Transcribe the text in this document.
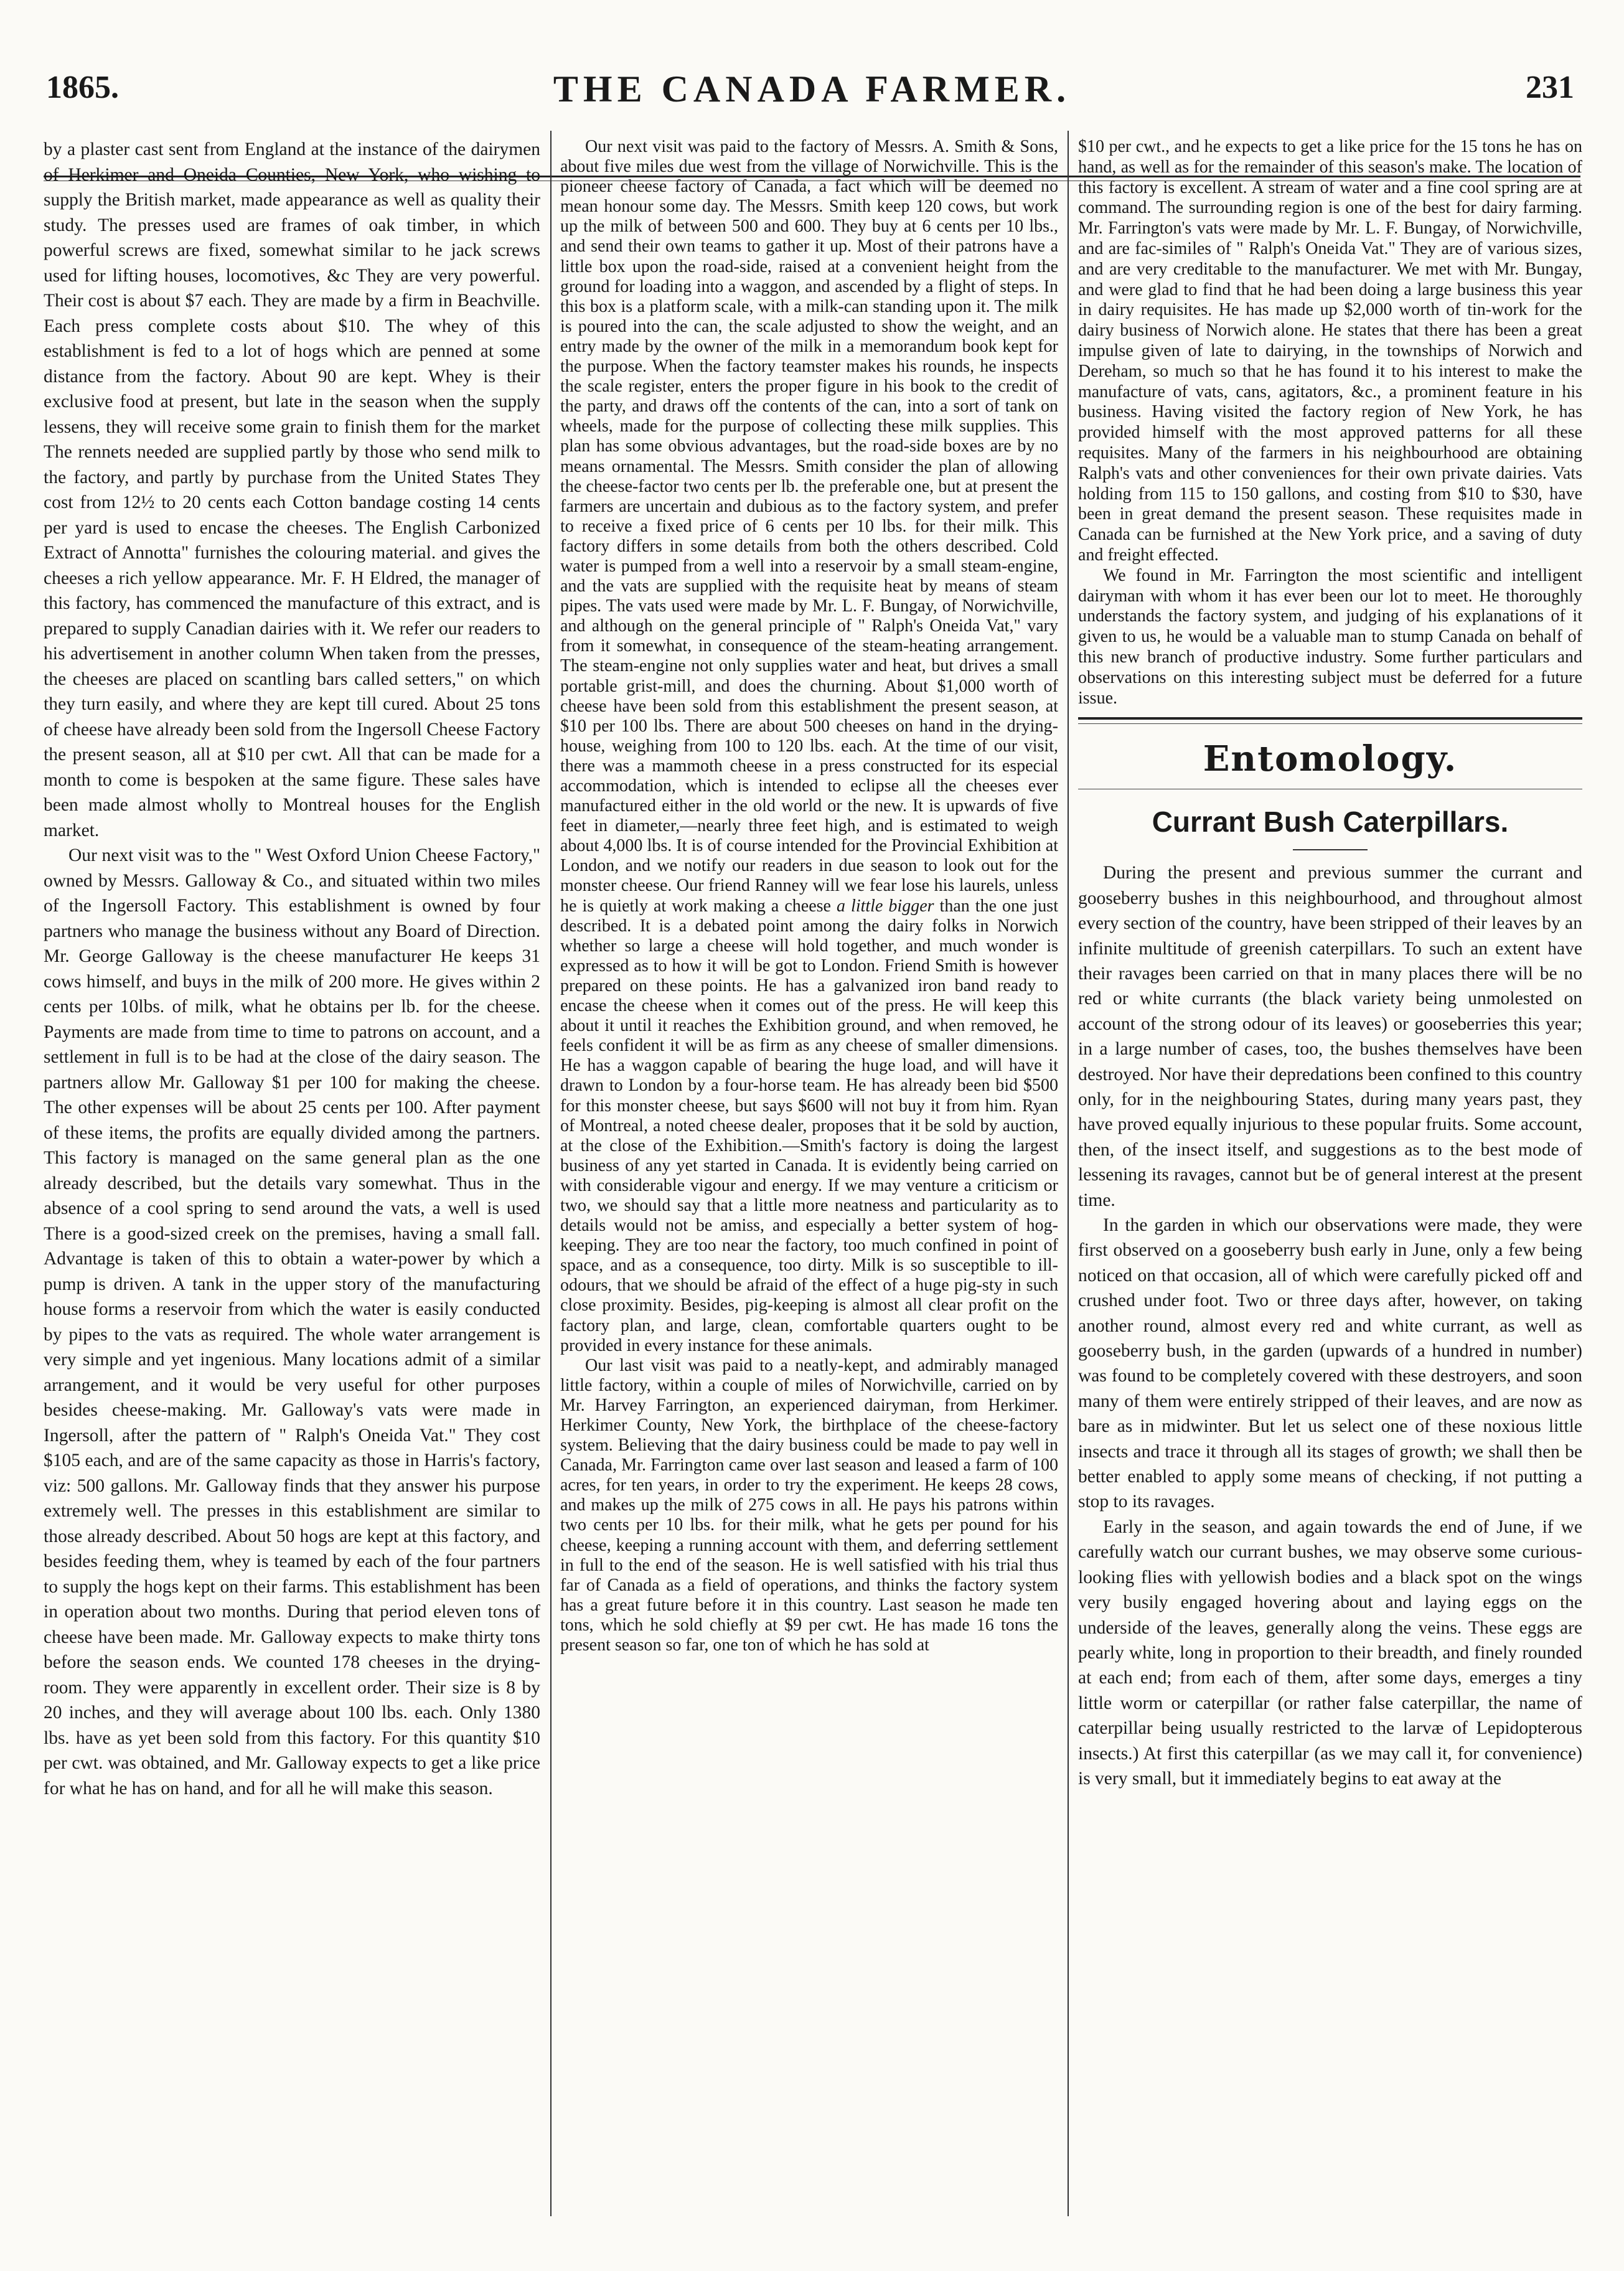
1865.	THE CANADA FARMER.	231

by a plaster cast sent from England at the instance of the dairymen of Herkimer and Oneida Counties, New York, who wishing to supply the British market, made appearance as well as quality their study. The presses used are frames of oak timber, in which powerful screws are fixed, somewhat similar to he jack screws used for lifting houses, locomotives, &c They are very powerful. Their cost is about $7 each. They are made by a firm in Beachville. Each press complete costs about $10. The whey of this establishment is fed to a lot of hogs which are penned at some distance from the factory. About 90 are kept. Whey is their exclusive food at present, but late in the season when the supply lessens, they will receive some grain to finish them for the market The rennets needed are supplied partly by those who send milk to the factory, and partly by purchase from the United States They cost from 12½ to 20 cents each Cotton bandage costing 14 cents per yard is used to encase the cheeses. The English Carbonized Extract of Annotta" furnishes the colouring material. and gives the cheeses a rich yellow appearance. Mr. F. H Eldred, the manager of this factory, has commenced the manufacture of this extract, and is prepared to supply Canadian dairies with it. We refer our readers to his advertisement in another column When taken from the presses, the cheeses are placed on scantling bars called setters," on which they turn easily, and where they are kept till cured. About 25 tons of cheese have already been sold from the Ingersoll Cheese Factory the present season, all at $10 per cwt. All that can be made for a month to come is bespoken at the same figure. These sales have been made almost wholly to Montreal houses for the English market.

Our next visit was to the " West Oxford Union Cheese Factory," owned by Messrs. Galloway & Co., and situated within two miles of the Ingersoll Factory. This establishment is owned by four partners who manage the business without any Board of Direction. Mr. George Galloway is the cheese manufacturer He keeps 31 cows himself, and buys in the milk of 200 more. He gives within 2 cents per 10lbs. of milk, what he obtains per lb. for the cheese. Payments are made from time to time to patrons on account, and a settlement in full is to be had at the close of the dairy season. The partners allow Mr. Galloway $1 per 100 for making the cheese. The other expenses will be about 25 cents per 100. After payment of these items, the profits are equally divided among the partners. This factory is managed on the same general plan as the one already described, but the details vary somewhat. Thus in the absence of a cool spring to send around the vats, a well is used There is a good-sized creek on the premises, having a small fall. Advantage is taken of this to obtain a water-power by which a pump is driven. A tank in the upper story of the manufacturing house forms a reservoir from which the water is easily conducted by pipes to the vats as required. The whole water arrangement is very simple and yet ingenious. Many locations admit of a similar arrangement, and it would be very useful for other purposes besides cheese-making. Mr. Galloway's vats were made in Ingersoll, after the pattern of " Ralph's Oneida Vat." They cost $105 each, and are of the same capacity as those in Harris's factory, viz: 500 gallons. Mr. Galloway finds that they answer his purpose extremely well. The presses in this establishment are similar to those already described. About 50 hogs are kept at this factory, and besides feeding them, whey is teamed by each of the four partners to supply the hogs kept on their farms. This establishment has been in operation about two months. During that period eleven tons of cheese have been made. Mr. Galloway expects to make thirty tons before the season ends. We counted 178 cheeses in the drying-room. They were apparently in excellent order. Their size is 8 by 20 inches, and they will average about 100 lbs. each. Only 1380 lbs. have as yet been sold from this factory. For this quantity $10 per cwt. was obtained, and Mr. Galloway expects to get a like price for what he has on hand, and for all he will make this season.

Our next visit was paid to the factory of Messrs. A. Smith & Sons, about five miles due west from the village of Norwichville. This is the pioneer cheese factory of Canada, a fact which will be deemed no mean honour some day. The Messrs. Smith keep 120 cows, but work up the milk of between 500 and 600. They buy at 6 cents per 10 lbs., and send their own teams to gather it up. Most of their patrons have a little box upon the road-side, raised at a convenient height from the ground for loading into a waggon, and ascended by a flight of steps. In this box is a platform scale, with a milk-can standing upon it. The milk is poured into the can, the scale adjusted to show the weight, and an entry made by the owner of the milk in a memorandum book kept for the purpose. When the factory teamster makes his rounds, he inspects the scale register, enters the proper figure in his book to the credit of the party, and draws off the contents of the can, into a sort of tank on wheels, made for the purpose of collecting these milk supplies. This plan has some obvious advantages, but the road-side boxes are by no means ornamental. The Messrs. Smith consider the plan of allowing the cheese-factor two cents per lb. the preferable one, but at present the farmers are uncertain and dubious as to the factory system, and prefer to receive a fixed price of 6 cents per 10 lbs. for their milk. This factory differs in some details from both the others described. Cold water is pumped from a well into a reservoir by a small steam-engine, and the vats are supplied with the requisite heat by means of steam pipes. The vats used were made by Mr. L. F. Bungay, of Norwichville, and although on the general principle of " Ralph's Oneida Vat," vary from it somewhat, in consequence of the steam-heating arrangement. The steam-engine not only supplies water and heat, but drives a small portable grist-mill, and does the churning. About $1,000 worth of cheese have been sold from this establishment the present season, at $10 per 100 lbs. There are about 500 cheeses on hand in the drying-house, weighing from 100 to 120 lbs. each. At the time of our visit, there was a mammoth cheese in a press constructed for its especial accommodation, which is intended to eclipse all the cheeses ever manufactured either in the old world or the new. It is upwards of five feet in diameter,—nearly three feet high, and is estimated to weigh about 4,000 lbs. It is of course intended for the Provincial Exhibition at London, and we notify our readers in due season to look out for the monster cheese. Our friend Ranney will we fear lose his laurels, unless he is quietly at work making a cheese a little bigger than the one just described. It is a debated point among the dairy folks in Norwich whether so large a cheese will hold together, and much wonder is expressed as to how it will be got to London. Friend Smith is however prepared on these points. He has a galvanized iron band ready to encase the cheese when it comes out of the press. He will keep this about it until it reaches the Exhibition ground, and when removed, he feels confident it will be as firm as any cheese of smaller dimensions. He has a waggon capable of bearing the huge load, and will have it drawn to London by a four-horse team. He has already been bid $500 for this monster cheese, but says $600 will not buy it from him. Ryan of Montreal, a noted cheese dealer, proposes that it be sold by auction, at the close of the Exhibition.—Smith's factory is doing the largest business of any yet started in Canada. It is evidently being carried on with considerable vigour and energy. If we may venture a criticism or two, we should say that a little more neatness and particularity as to details would not be amiss, and especially a better system of hog-keeping. They are too near the factory, too much confined in point of space, and as a consequence, too dirty. Milk is so susceptible to ill-odours, that we should be afraid of the effect of a huge pig-sty in such close proximity. Besides, pig-keeping is almost all clear profit on the factory plan, and large, clean, comfortable quarters ought to be provided in every instance for these animals.

Our last visit was paid to a neatly-kept, and admirably managed little factory, within a couple of miles of Norwichville, carried on by Mr. Harvey Farrington, an experienced dairyman, from Herkimer. Herkimer County, New York, the birthplace of the cheese-factory system. Believing that the dairy business could be made to pay well in Canada, Mr. Farrington came over last season and leased a farm of 100 acres, for ten years, in order to try the experiment. He keeps 28 cows, and makes up the milk of 275 cows in all. He pays his patrons within two cents per 10 lbs. for their milk, what he gets per pound for his cheese, keeping a running account with them, and deferring settlement in full to the end of the season. He is well satisfied with his trial thus far of Canada as a field of operations, and thinks the factory system has a great future before it in this country. Last season he made ten tons, which he sold chiefly at $9 per cwt. He has made 16 tons the present season so far, one ton of which he has sold at

$10 per cwt., and he expects to get a like price for the 15 tons he has on hand, as well as for the remainder of this season's make. The location of this factory is excellent. A stream of water and a fine cool spring are at command. The surrounding region is one of the best for dairy farming. Mr. Farrington's vats were made by Mr. L. F. Bungay, of Norwichville, and are fac-similes of " Ralph's Oneida Vat." They are of various sizes, and are very creditable to the manufacturer. We met with Mr. Bungay, and were glad to find that he had been doing a large business this year in dairy requisites. He has made up $2,000 worth of tin-work for the dairy business of Norwich alone. He states that there has been a great impulse given of late to dairying, in the townships of Norwich and Dereham, so much so that he has found it to his interest to make the manufacture of vats, cans, agitators, &c., a prominent feature in his business. Having visited the factory region of New York, he has provided himself with the most approved patterns for all these requisites. Many of the farmers in his neighbourhood are obtaining Ralph's vats and other conveniences for their own private dairies. Vats holding from 115 to 150 gallons, and costing from $10 to $30, have been in great demand the present season. These requisites made in Canada can be furnished at the New York price, and a saving of duty and freight effected.

We found in Mr. Farrington the most scientific and intelligent dairyman with whom it has ever been our lot to meet. He thoroughly understands the factory system, and judging of his explanations of it given to us, he would be a valuable man to stump Canada on behalf of this new branch of productive industry. Some further particulars and observations on this interesting subject must be deferred for a future issue.

Entomology.
Currant Bush Caterpillars.

During the present and previous summer the currant and gooseberry bushes in this neighbourhood, and throughout almost every section of the country, have been stripped of their leaves by an infinite multitude of greenish caterpillars. To such an extent have their ravages been carried on that in many places there will be no red or white currants (the black variety being unmolested on account of the strong odour of its leaves) or gooseberries this year; in a large number of cases, too, the bushes themselves have been destroyed. Nor have their depredations been confined to this country only, for in the neighbouring States, during many years past, they have proved equally injurious to these popular fruits. Some account, then, of the insect itself, and suggestions as to the best mode of lessening its ravages, cannot but be of general interest at the present time.

In the garden in which our observations were made, they were first observed on a gooseberry bush early in June, only a few being noticed on that occasion, all of which were carefully picked off and crushed under foot. Two or three days after, however, on taking another round, almost every red and white currant, as well as gooseberry bush, in the garden (upwards of a hundred in number) was found to be completely covered with these destroyers, and soon many of them were entirely stripped of their leaves, and are now as bare as in midwinter. But let us select one of these noxious little insects and trace it through all its stages of growth; we shall then be better enabled to apply some means of checking, if not putting a stop to its ravages.

Early in the season, and again towards the end of June, if we carefully watch our currant bushes, we may observe some curious-looking flies with yellowish bodies and a black spot on the wings very busily engaged hovering about and laying eggs on the underside of the leaves, generally along the veins. These eggs are pearly white, long in proportion to their breadth, and finely rounded at each end; from each of them, after some days, emerges a tiny little worm or caterpillar (or rather false caterpillar, the name of caterpillar being usually restricted to the larvæ of Lepidopterous insects.) At first this caterpillar (as we may call it, for convenience) is very small, but it immediately begins to eat away at the
